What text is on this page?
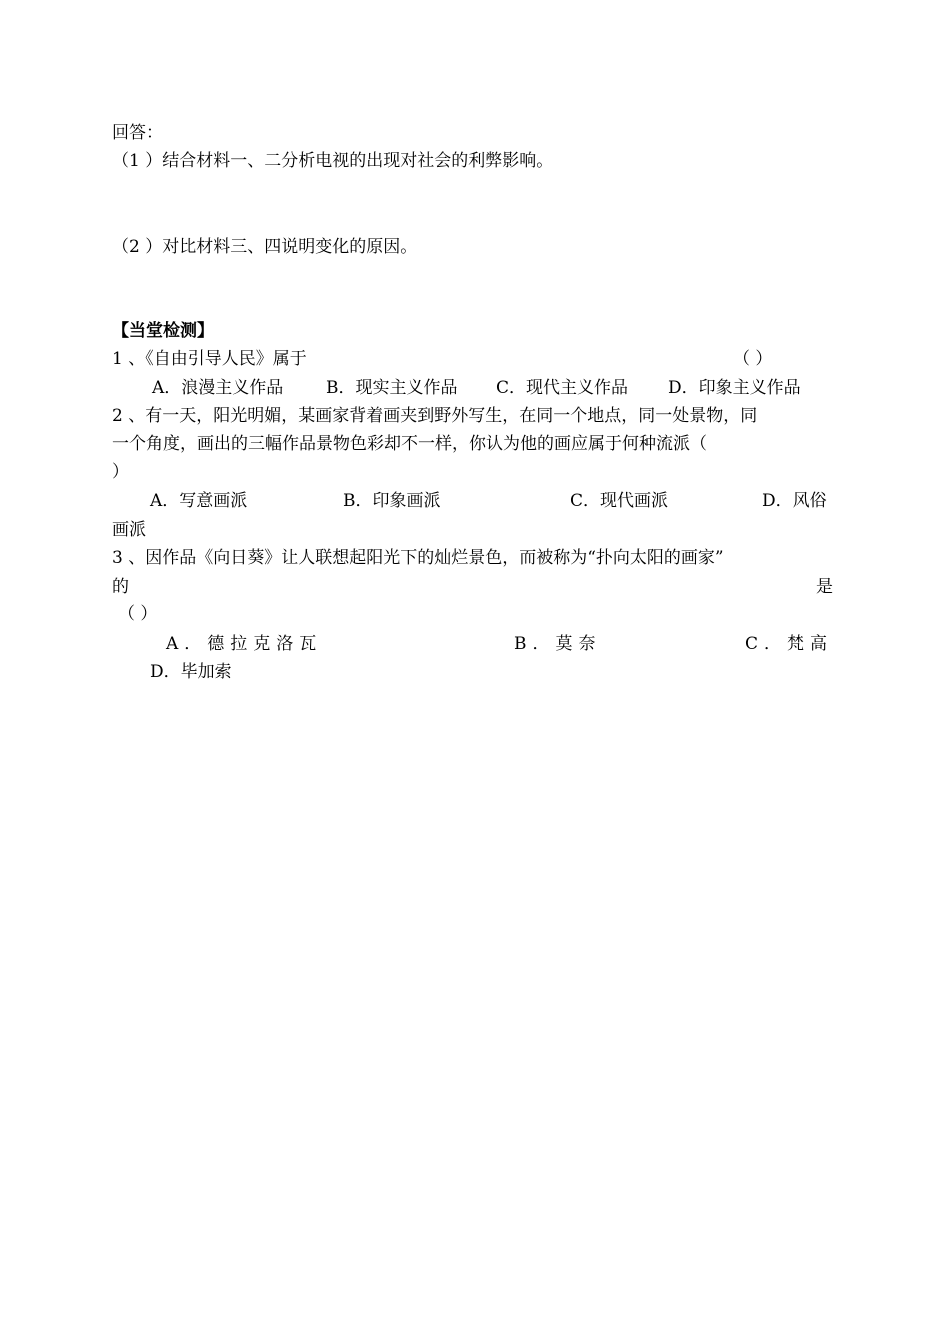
回答：
（1 ）结合材料一、二分析电视的出现对社会的利弊影响。
（2 ）对比材料三、四说明变化的原因。
【当堂检测】
1 、《自由引导人民》属于	（ ）
A．浪漫主义作品	B．现实主义作品 C．现代主义作品 D．印象主义作品
2 、有一天，阳光明媚，某画家背着画夹到野外写生，在同一个地点，同一处景物，同
一个角度，画出的三幅作品景物色彩却不一样，你认为他的画应属于何种流派（
）
A．写意画派	B．印象画派	C．现代画派	D．风俗
画派
3 、因作品《向日葵》让人联想起阳光下的灿烂景色，而被称为“扑向太阳的画家”
的	是
（ ）
A．德拉克洛瓦	B．莫奈	C．梵高
D．毕加索
